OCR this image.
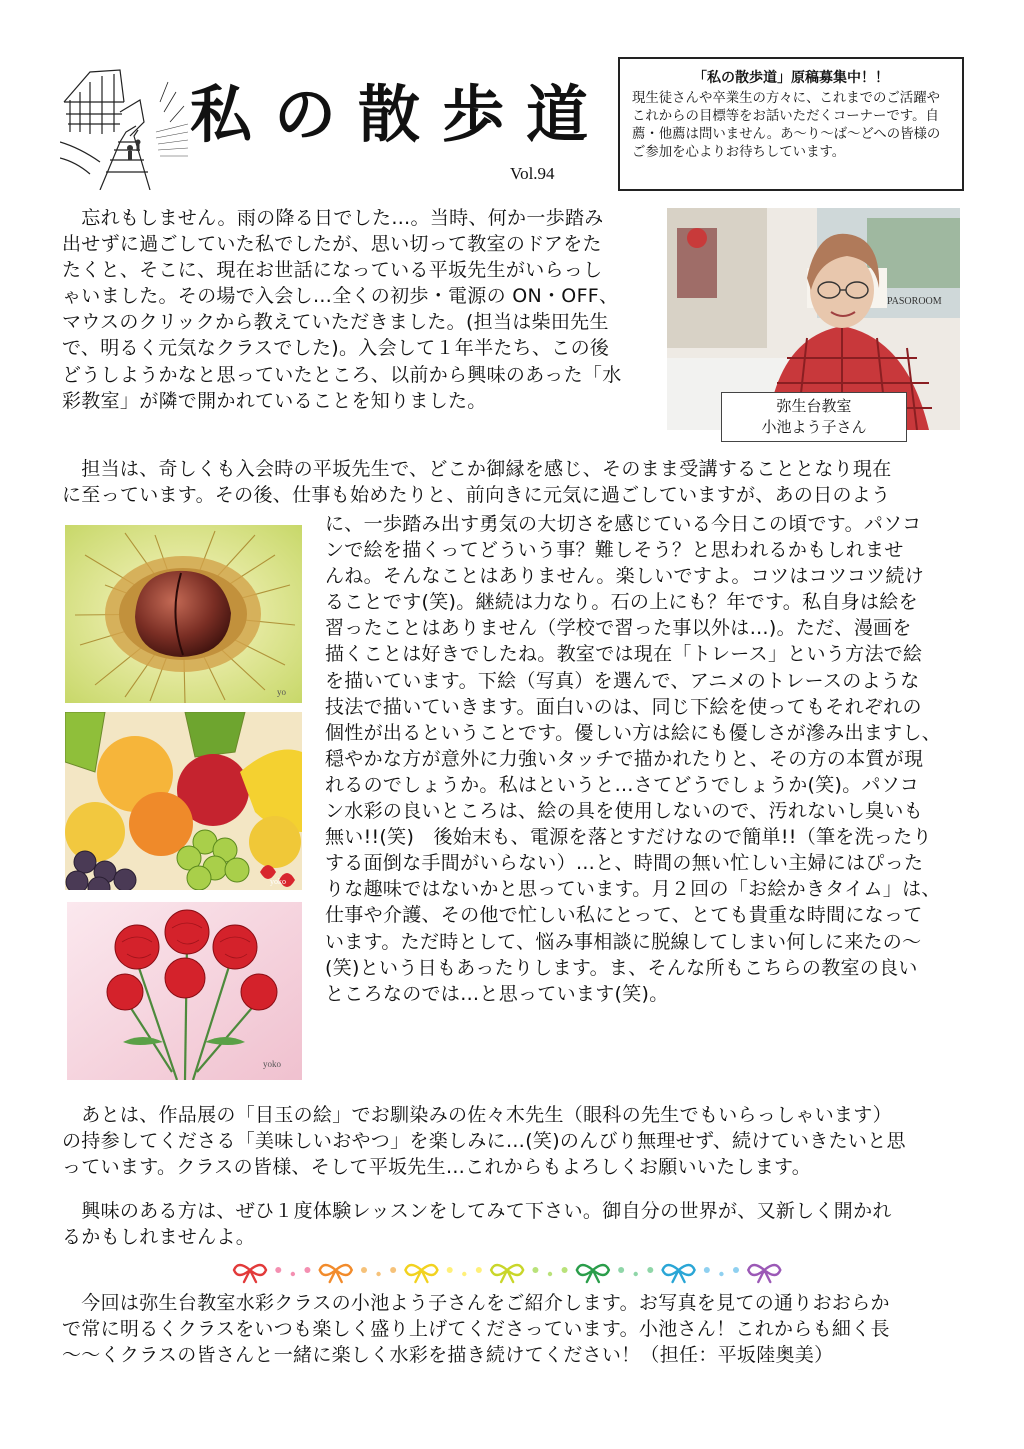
私の散歩道
Vol.94
「私の散歩道」原稿募集中！！
現生徒さんや卒業生の方々に、これまでのご活躍やこれからの目標等をお話いただくコーナーです。自薦・他薦は問いません。あ～り～ば～どへの皆様のご参加を心よりお待ちしています。
PASOROOM
弥生台教室
小池よう子さん
　忘れもしません。雨の降る日でした…。当時、何か一歩踏み
出せずに過ごしていた私でしたが、思い切って教室のドアをた
たくと、そこに、現在お世話になっている平坂先生がいらっし
ゃいました。その場で入会し…全くの初歩・電源の ON・OFF、
マウスのクリックから教えていただきました。(担当は柴田先生
で、明るく元気なクラスでした)。入会して１年半たち、この後
どうしようかなと思っていたところ、以前から興味のあった「水
彩教室」が隣で開かれていることを知りました。
　担当は、奇しくも入会時の平坂先生で、どこか御縁を感じ、そのまま受講することとなり現在
に至っています。その後、仕事も始めたりと、前向きに元気に過ごしていますが、あの日のよう
に、一歩踏み出す勇気の大切さを感じている今日この頃です。パソコ
ンで絵を描くってどういう事？難しそう？と思われるかもしれませ
んね。そんなことはありません。楽しいですよ。コツはコツコツ続け
ることです(笑)。継続は力なり。石の上にも？年です。私自身は絵を
習ったことはありません（学校で習った事以外は…)。ただ、漫画を
描くことは好きでしたね。教室では現在「トレース」という方法で絵
を描いています。下絵（写真）を選んで、アニメのトレースのような
技法で描いていきます。面白いのは、同じ下絵を使ってもそれぞれの
個性が出るということです。優しい方は絵にも優しさが滲み出ますし、
穏やかな方が意外に力強いタッチで描かれたりと、その方の本質が現
れるのでしょうか。私はというと…さてどうでしょうか(笑)。パソコ
ン水彩の良いところは、絵の具を使用しないので、汚れないし臭いも
無い!!(笑)　後始末も、電源を落とすだけなので簡単!!（筆を洗ったり
する面倒な手間がいらない）…と、時間の無い忙しい主婦にはぴった
りな趣味ではないかと思っています。月２回の「お絵かきタイム」は、
仕事や介護、その他で忙しい私にとって、とても貴重な時間になって
います。ただ時として、悩み事相談に脱線してしまい何しに来たの～
(笑)という日もあったりします。ま、そんな所もこちらの教室の良い
ところなのでは…と思っています(笑)。
　あとは、作品展の「目玉の絵」でお馴染みの佐々木先生（眼科の先生でもいらっしゃいます）
の持参してくださる「美味しいおやつ」を楽しみに…(笑)のんびり無理せず、続けていきたいと思
っています。クラスの皆様、そして平坂先生…これからもよろしくお願いいたします。
　興味のある方は、ぜひ１度体験レッスンをしてみて下さい。御自分の世界が、又新しく開かれ
るかもしれませんよ。
　今回は弥生台教室水彩クラスの小池よう子さんをご紹介します。お写真を見ての通りおおらか
で常に明るくクラスをいつも楽しく盛り上げてくださっています。小池さん！これからも細く長
～～くクラスの皆さんと一緒に楽しく水彩を描き続けてください！（担任：平坂陸奥美）
yo
yoko
yoko
